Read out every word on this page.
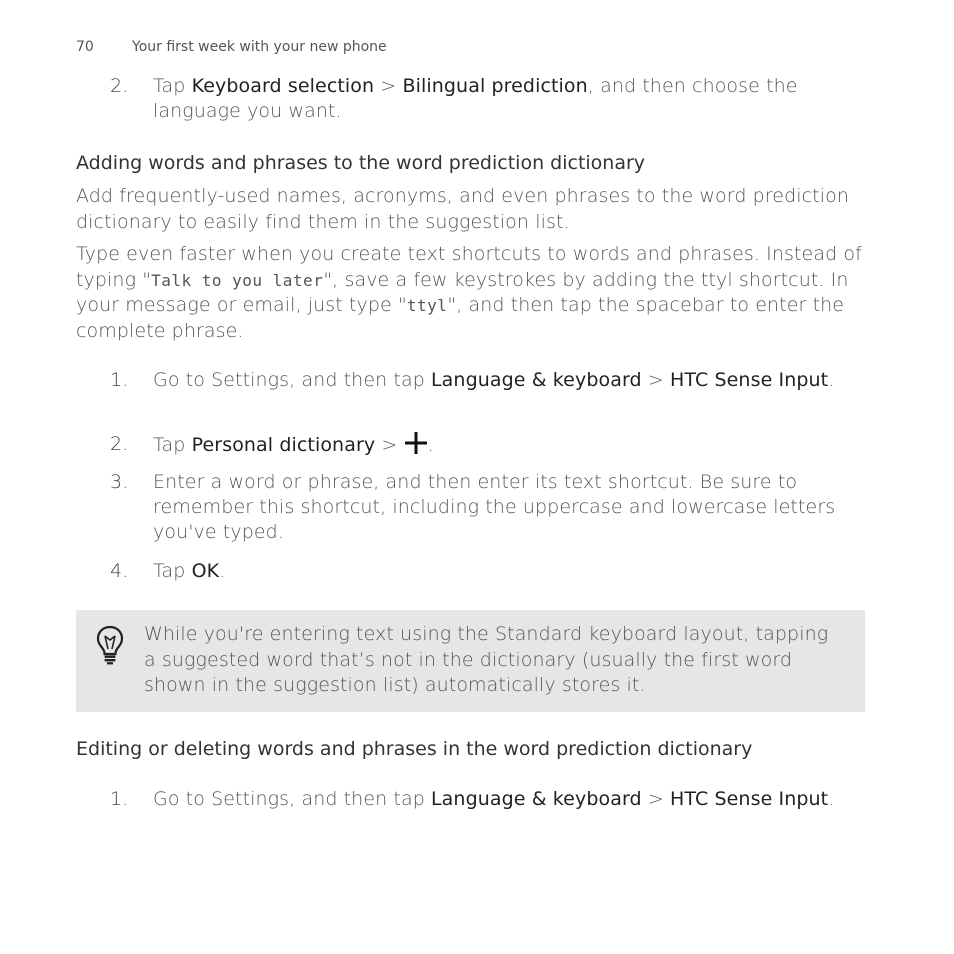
70	Your first week with your new phone
2. Tap Keyboard selection > Bilingual prediction, and then choose the language you want.
Adding words and phrases to the word prediction dictionary
Add frequently-used names, acronyms, and even phrases to the word prediction dictionary to easily find them in the suggestion list.
Type even faster when you create text shortcuts to words and phrases. Instead of typing "Talk to you later", save a few keystrokes by adding the ttyl shortcut. In your message or email, just type "ttyl", and then tap the spacebar to enter the complete phrase.
1. Go to Settings, and then tap Language & keyboard > HTC Sense Input.
2. Tap Personal dictionary > .
3. Enter a word or phrase, and then enter its text shortcut. Be sure to remember this shortcut, including the uppercase and lowercase letters you've typed.
4. Tap OK.
While you're entering text using the Standard keyboard layout, tapping a suggested word that’s not in the dictionary (usually the first word shown in the suggestion list) automatically stores it.
Editing or deleting words and phrases in the word prediction dictionary
1. Go to Settings, and then tap Language & keyboard > HTC Sense Input.
